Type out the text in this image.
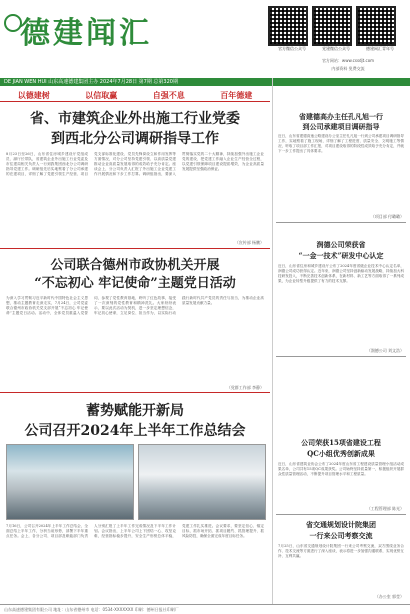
德建闻汇	官方微信公众号	党建微信公众号	德建网汇青年号
官方网站：www.cssdjt.com
内部资料 免费交流
DE JIAN WEN HUI 山东高速德建集团主办 2024年7月28日 第7期 总第320期
以德建树	以信取赢	自强不息	百年德建
省、市建筑企业外出施工行业党委
到西北分公司调研指导工作
8月23日至26日，山东省住房城乡建设厅党组成员、副厅长带队，省建筑企业外出施工行业党委及市住建局相关负责人一行到我集团西北分公司调研指导党建工作。调研组先后实地察看了分公司承建的在建项目，详细了解了党建引领生产经营、项目党支部标准化建设、党员先锋岗设立和作用发挥等方面情况，对分公司坚持党建引领、以高质量党建推动企业高质量发展取得的成效给予充分肯定。座谈会上，分公司负责人汇报了外出施工企业党建工作开展情况和下步工作打算。调研组指出，要深入贯彻落实党的二十大精神，持续加强外出施工企业党的建设，把党建工作融入企业生产经营全过程，以党建引领保障项目建设提质增效，为企业高质量发展提供坚强政治保证。
（宣传部 杨鹏）
公司联合德州市政协机关开展
“不忘初心 牢记使命”主题党日活动
为深入学习贯彻习近平新时代中国特色社会主义思想，推动主题教育走深走实，7月24日，公司党委联合德州市政协机关党支部开展“不忘初心 牢记使命”主题党日活动。活动中，全体党员重温入党誓词，参观了党性教育基地，聆听了红色故事，接受了一次深刻的党性教育和精神洗礼。大家纷纷表示，要以此次活动为契机，进一步坚定理想信念，牢记初心使命，立足岗位、担当作为，以实际行动践行新时代共产党员的责任与担当，为推动企业高质量发展贡献力量。
（党群工作部 李静）
蓄势赋能开新局
公司召开2024年上半年工作总结会
7月16日，公司召开2024年上半年工作总结会，全面总结上半年工作，分析当前形势，部署下半年重点任务。会上，各分公司、项目部及职能部门负责人分别汇报了上半年工作完成情况及下半年工作计划。会议指出，上半年公司上下团结一心、攻坚克难，经营指标稳步提升，安全生产形势总体平稳，党建工作扎实推进。会议要求，要坚定信心、锚定目标，抓市场开拓、抓项目履约、抓管理提升、抓风险防控，确保全面完成年度目标任务。
省建德高办主任孔凡旭一行
到公司承建项目调研指导
近日，山东省建德高速公路建设办公室主任孔凡旭一行到公司承建项目调研指导工作，实地察看了施工现场，详细了解了工程进度、质量安全、文明施工等情况，听取了项目部工作汇报，对项目建设取得的阶段性成效给予充分肯定，并就下一步工作提出了具体要求。
（项目部 付璐璐）
润德公司荣获省
“一金一技术”研发中心认定
近日，山东省住房和城乡建设厅公布了2024年度省级企业技术中心认定名单，润德公司成功获得认定。近年来，润德公司坚持创新驱动发展战略，持续加大科技研发投入，不断完善技术创新体系，在新材料、新工艺等方面取得了一系列成果，为企业转型升级提供了有力的技术支撑。
（润德公司 刘文浩）
公司荣获15项省建设工程
QC小组优秀创新成果
近日，山东省建筑业协会公布了2024年度山东省工程建设质量管理小组活动成果名单，公司共有15项QC成果获奖。公司始终坚持质量第一，积极组织开展群众性质量管理活动，不断提升项目管理水平和工程质量。
（工程管理部 陈光）
省交通规划设计院集团
一行来公司考察交流
7月25日，山东省交通规划设计院集团一行来公司考察交流，双方围绕业务合作、技术交流等方面进行了深入座谈，表示将进一步加强沟通联系，实现优势互补、互利共赢。
（办公室 郭莹）
山东高速德建集团有限公司 地址：山东省德州市 电话：0534-XXXXXXX 印刷：德州日报社印刷厂
